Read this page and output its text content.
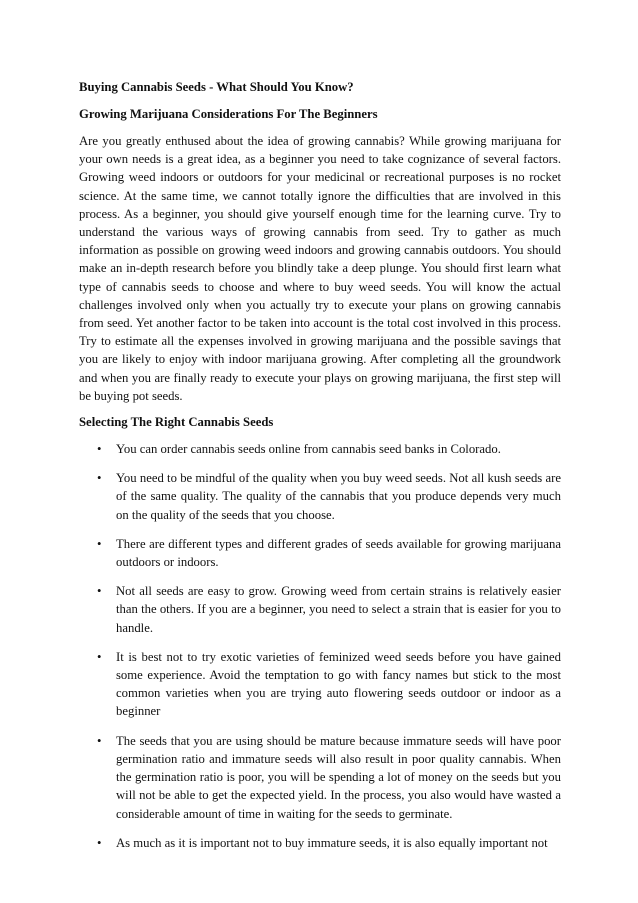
Buying Cannabis Seeds - What Should You Know?
Growing Marijuana Considerations For The Beginners

Are you greatly enthused about the idea of growing cannabis? While growing marijuana for your own needs is a great idea, as a beginner you need to take cognizance of several factors. Growing weed indoors or outdoors for your medicinal or recreational purposes is no rocket science. At the same time, we cannot totally ignore the difficulties that are involved in this process. As a beginner, you should give yourself enough time for the learning curve. Try to understand the various ways of growing cannabis from seed. Try to gather as much information as possible on growing weed indoors and growing cannabis outdoors. You should make an in-depth research before you blindly take a deep plunge. You should first learn what type of cannabis seeds to choose and where to buy weed seeds. You will know the actual challenges involved only when you actually try to execute your plans on growing cannabis from seed. Yet another factor to be taken into account is the total cost involved in this process. Try to estimate all the expenses involved in growing marijuana and the possible savings that you are likely to enjoy with indoor marijuana growing. After completing all the groundwork and when you are finally ready to execute your plays on growing marijuana, the first step will be buying pot seeds.

Selecting The Right Cannabis Seeds
• You can order cannabis seeds online from cannabis seed banks in Colorado.
• You need to be mindful of the quality when you buy weed seeds. Not all kush seeds are of the same quality. The quality of the cannabis that you produce depends very much on the quality of the seeds that you choose.
• There are different types and different grades of seeds available for growing marijuana outdoors or indoors.
• Not all seeds are easy to grow. Growing weed from certain strains is relatively easier than the others. If you are a beginner, you need to select a strain that is easier for you to handle.
• It is best not to try exotic varieties of feminized weed seeds before you have gained some experience. Avoid the temptation to go with fancy names but stick to the most common varieties when you are trying auto flowering seeds outdoor or indoor as a beginner
• The seeds that you are using should be mature because immature seeds will have poor germination ratio and immature seeds will also result in poor quality cannabis. When the germination ratio is poor, you will be spending a lot of money on the seeds but you will not be able to get the expected yield. In the process, you also would have wasted a considerable amount of time in waiting for the seeds to germinate.
• As much as it is important not to buy immature seeds, it is also equally important not
